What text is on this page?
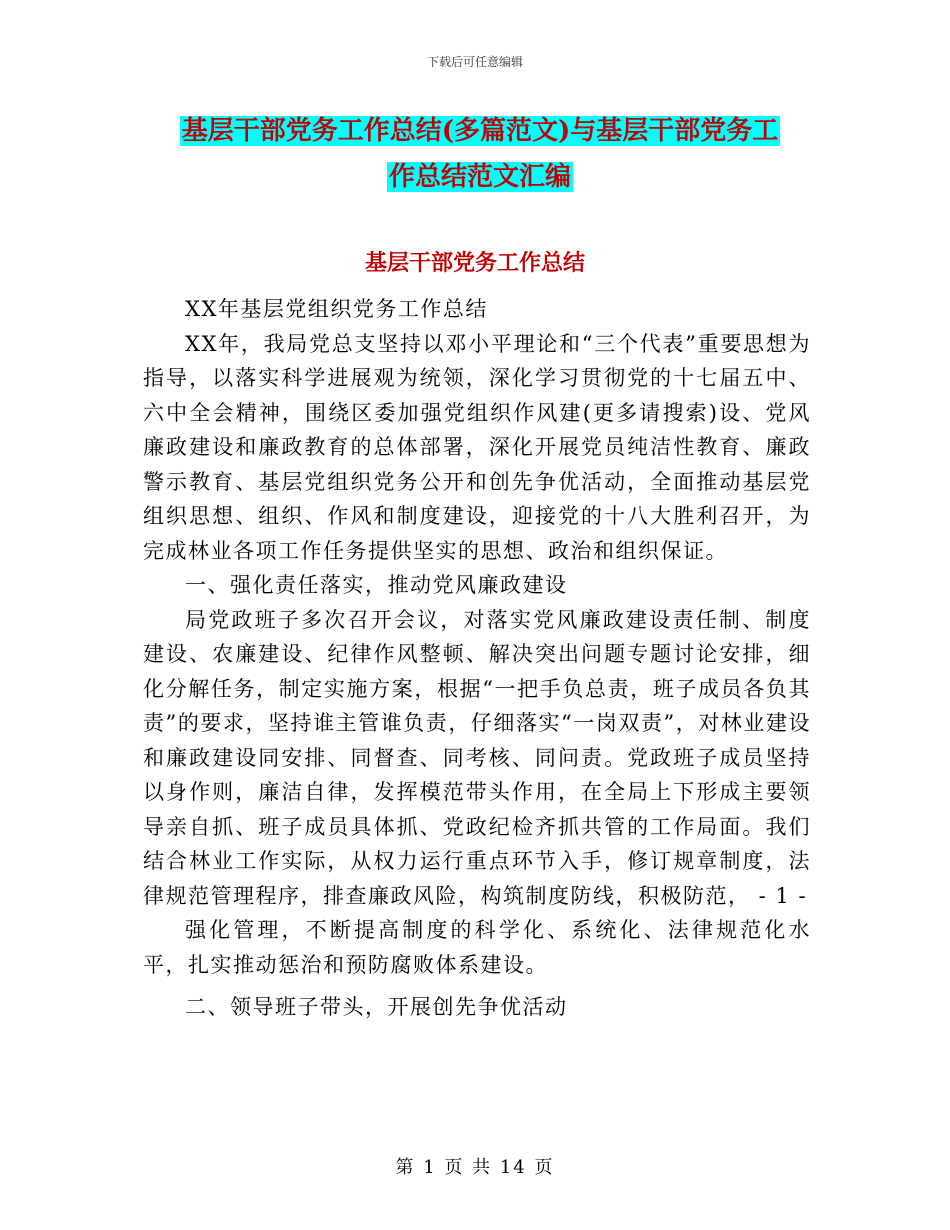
下载后可任意编辑
基层干部党务工作总结(多篇范文)与基层干部党务工
作总结范文汇编
基层干部党务工作总结

XX年基层党组织党务工作总结

XX年，我局党总支坚持以邓小平理论和“三个代表”重要思想为指导，以落实科学进展观为统领，深化学习贯彻党的十七届五中、六中全会精神，围绕区委加强党组织作风建(更多请搜索)设、党风廉政建设和廉政教育的总体部署，深化开展党员纯洁性教育、廉政警示教育、基层党组织党务公开和创先争优活动，全面推动基层党组织思想、组织、作风和制度建设，迎接党的十八大胜利召开，为完成林业各项工作任务提供坚实的思想、政治和组织保证。

一、强化责任落实，推动党风廉政建设

局党政班子多次召开会议，对落实党风廉政建设责任制、制度建设、农廉建设、纪律作风整顿、解决突出问题专题讨论安排，细化分解任务，制定实施方案，根据“一把手负总责，班子成员各负其责”的要求，坚持谁主管谁负责，仔细落实“一岗双责”，对林业建设和廉政建设同安排、同督查、同考核、同问责。党政班子成员坚持以身作则，廉洁自律，发挥模范带头作用，在全局上下形成主要领导亲自抓、班子成员具体抓、党政纪检齐抓共管的工作局面。我们结合林业工作实际，从权力运行重点环节入手，修订规章制度，法律规范管理程序，排查廉政风险，构筑制度防线，积极防范， - 1 -

强化管理，不断提高制度的科学化、系统化、法律规范化水平，扎实推动惩治和预防腐败体系建设。

二、领导班子带头，开展创先争优活动

第 1 页 共 14 页
